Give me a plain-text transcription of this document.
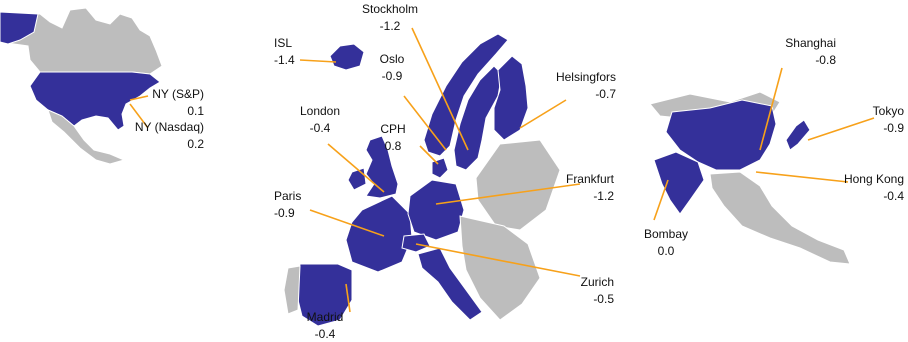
NY (S&P)
0.1
NY (Nasdaq)
0.2
Stockholm
-1.2
ISL
-1.4	Oslo
-0.9	Helsingfors
-0.7
London
-0.4	CPH
0.8
Paris
-0.9
Frankfurt
-1.2
Zurich
-0.5
Madrid
-0.4
Shanghai
-0.8
Tokyo
-0.9
Hong Kong
-0.4
Bombay
0.0
